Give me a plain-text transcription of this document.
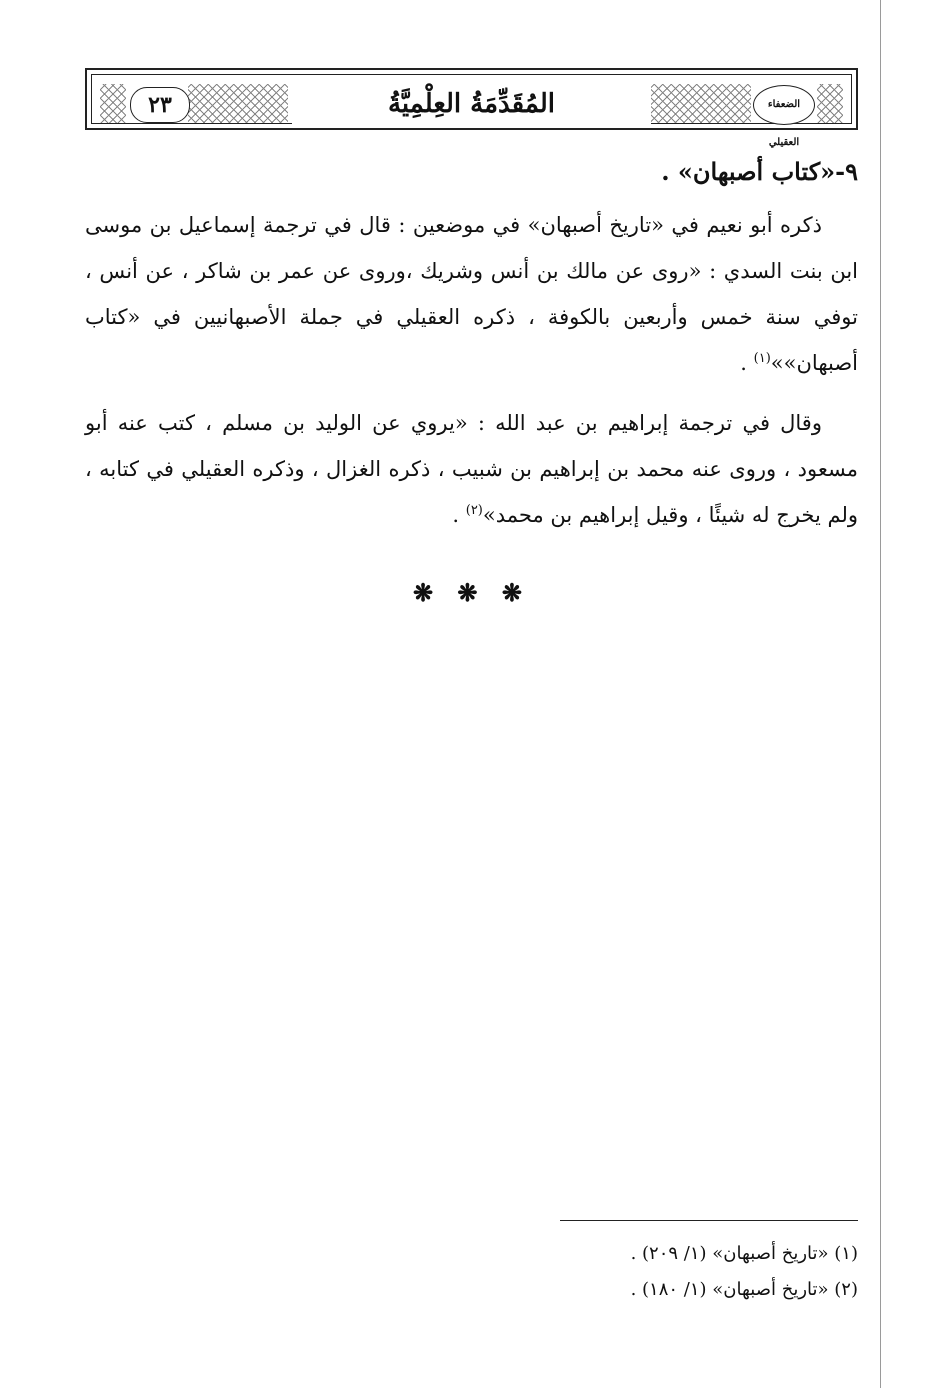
٢٣	المُقَدِّمَةُ العِلْمِيَّةُ	الضعفاء العقيلي
٩-«كتاب أصبهان» .

ذكره أبو نعيم في «تاريخ أصبهان» في موضعين : قال في ترجمة إسماعيل بن موسى ابن بنت السدي : «روى عن مالك بن أنس وشريك ،وروى عن عمر بن شاكر ، عن أنس ، توفي سنة خمس وأربعين بالكوفة ، ذكره العقيلي في جملة الأصبهانيين في «كتاب أصبهان»»$^{(١)}$ .

وقال في ترجمة إبراهيم بن عبد الله : «يروي عن الوليد بن مسلم ، كتب عنه أبو مسعود ، وروى عنه محمد بن إبراهيم بن شبيب ، ذكره الغزال ، وذكره العقيلي في كتابه ، ولم يخرج له شيئًا ، وقيل إبراهيم بن محمد»$^{(٢)}$ .

❋ ❋ ❋

(١) «تاريخ أصبهان» (١/ ٢٠٩) .

(٢) «تاريخ أصبهان» (١/ ١٨٠) .
